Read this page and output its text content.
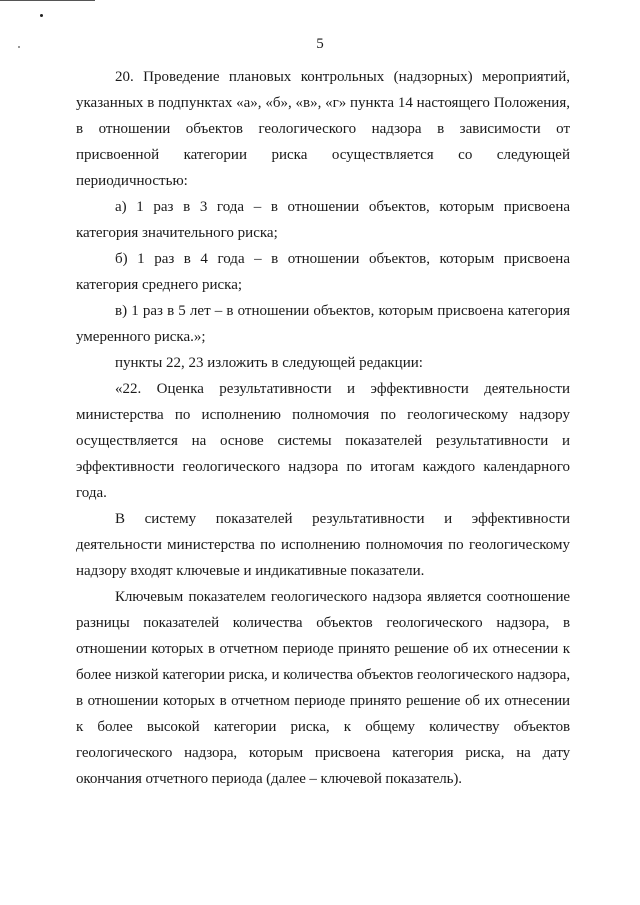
5

20. Проведение плановых контрольных (надзорных) мероприятий, указанных в подпунктах «а», «б», «в», «г» пункта 14 настоящего Положения, в отношении объектов геологического надзора в зависимости от присвоенной категории риска осуществляется со следующей периодичностью:

а) 1 раз в 3 года – в отношении объектов, которым присвоена категория значительного риска;

б) 1 раз в 4 года – в отношении объектов, которым присвоена категория среднего риска;

в) 1 раз в 5 лет – в отношении объектов, которым присвоена категория умеренного риска.»;

пункты 22, 23 изложить в следующей редакции:

«22. Оценка результативности и эффективности деятельности министерства по исполнению полномочия по геологическому надзору осуществляется на основе системы показателей результативности и эффективности геологического надзора по итогам каждого календарного года.

В систему показателей результативности и эффективности деятельности министерства по исполнению полномочия по геологическому надзору входят ключевые и индикативные показатели.

Ключевым показателем геологического надзора является соотношение разницы показателей количества объектов геологического надзора, в отношении которых в отчетном периоде принято решение об их отнесении к более низкой категории риска, и количества объектов геологического надзора, в отношении которых в отчетном периоде принято решение об их отнесении к более высокой категории риска, к общему количеству объектов геологического надзора, которым присвоена категория риска, на дату окончания отчетного периода (далее – ключевой показатель).
